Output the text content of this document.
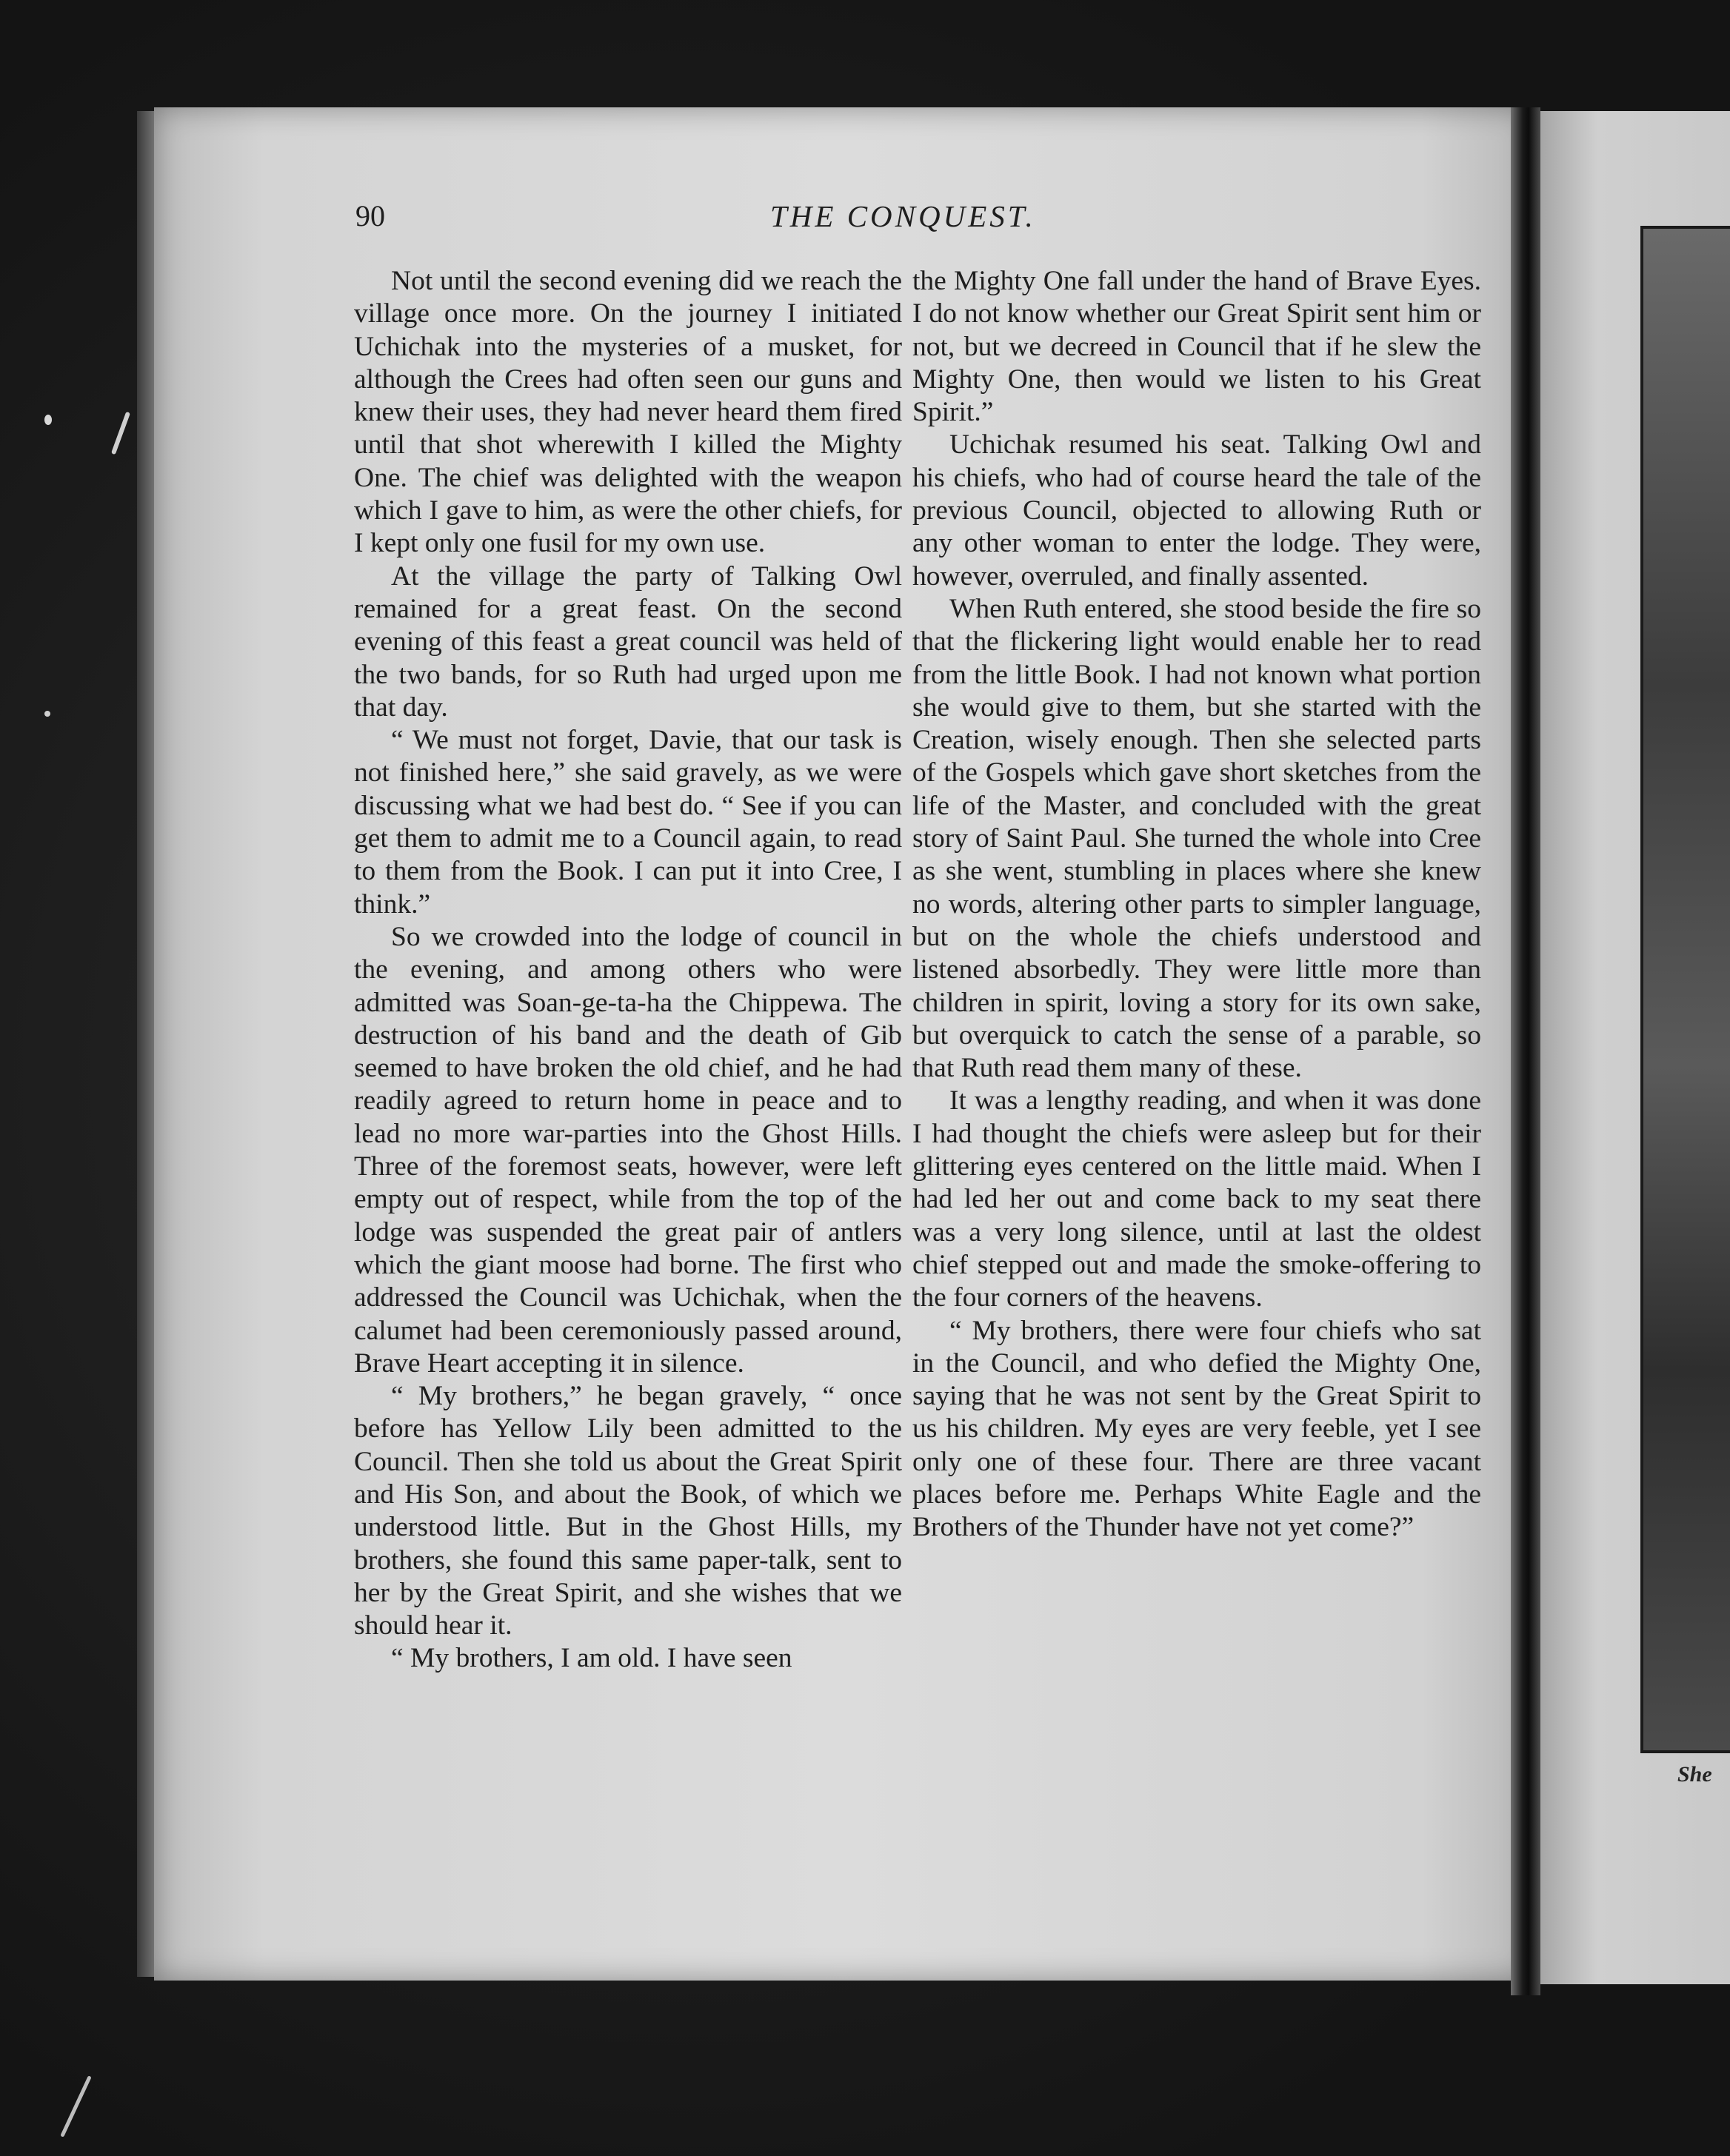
She
90	THE CONQUEST.

Not until the second evening did we reach the village once more. On the journey I initiated Uchichak into the mysteries of a musket, for although the Crees had often seen our guns and knew their uses, they had never heard them fired until that shot wherewith I killed the Mighty One. The chief was delighted with the weapon which I gave to him, as were the other chiefs, for I kept only one fusil for my own use.

At the village the party of Talking Owl remained for a great feast. On the second evening of this feast a great council was held of the two bands, for so Ruth had urged upon me that day.

“ We must not forget, Davie, that our task is not finished here,” she said gravely, as we were discussing what we had best do. “ See if you can get them to admit me to a Council again, to read to them from the Book. I can put it into Cree, I think.”

So we crowded into the lodge of council in the evening, and among others who were admitted was Soan-ge-ta-ha the Chippewa. The destruction of his band and the death of Gib seemed to have broken the old chief, and he had readily agreed to return home in peace and to lead no more war-parties into the Ghost Hills. Three of the foremost seats, however, were left empty out of respect, while from the top of the lodge was suspended the great pair of antlers which the giant moose had borne. The first who addressed the Council was Uchichak, when the calumet had been ceremoniously passed around, Brave Heart accepting it in silence.

“ My brothers,” he began gravely, “ once before has Yellow Lily been admitted to the Council. Then she told us about the Great Spirit and His Son, and about the Book, of which we understood little. But in the Ghost Hills, my brothers, she found this same paper-talk, sent to her by the Great Spirit, and she wishes that we should hear it.

“ My brothers, I am old. I have seen

the Mighty One fall under the hand of Brave Eyes. I do not know whether our Great Spirit sent him or not, but we decreed in Council that if he slew the Mighty One, then would we listen to his Great Spirit.”

Uchichak resumed his seat. Talking Owl and his chiefs, who had of course heard the tale of the previous Council, objected to allowing Ruth or any other woman to enter the lodge. They were, however, overruled, and finally assented.

When Ruth entered, she stood beside the fire so that the flickering light would enable her to read from the little Book. I had not known what portion she would give to them, but she started with the Creation, wisely enough. Then she selected parts of the Gospels which gave short sketches from the life of the Master, and concluded with the great story of Saint Paul. She turned the whole into Cree as she went, stumbling in places where she knew no words, altering other parts to simpler language, but on the whole the chiefs understood and listened absorbedly. They were little more than children in spirit, loving a story for its own sake, but overquick to catch the sense of a parable, so that Ruth read them many of these.

It was a lengthy reading, and when it was done I had thought the chiefs were asleep but for their glittering eyes centered on the little maid. When I had led her out and come back to my seat there was a very long silence, until at last the oldest chief stepped out and made the smoke-offering to the four corners of the heavens.

“ My brothers, there were four chiefs who sat in the Council, and who defied the Mighty One, saying that he was not sent by the Great Spirit to us his children. My eyes are very feeble, yet I see only one of these four. There are three vacant places before me. Perhaps White Eagle and the Brothers of the Thunder have not yet come?”
